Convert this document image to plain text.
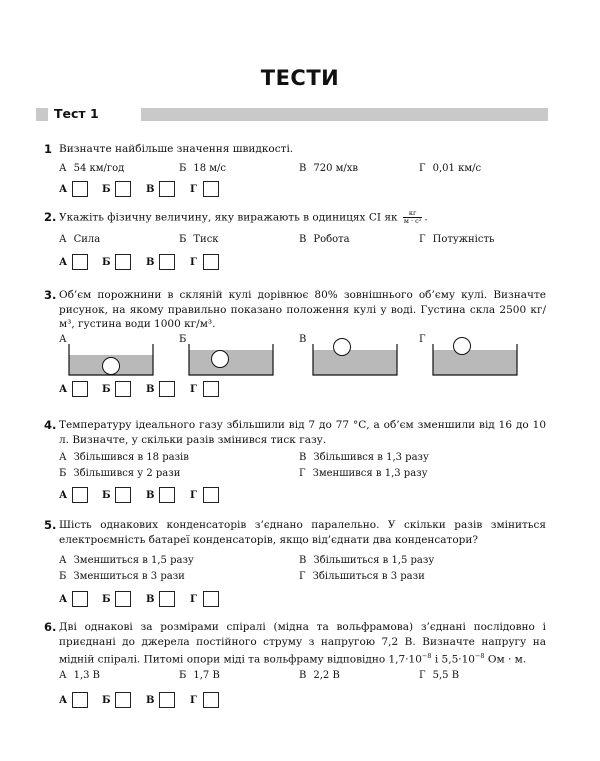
ТЕСТИ
Тест 1
1 Визначте найбільше значення швидкості.
А 54 км/год	Б 18 м/с	В 720 м/хв	Г 0,01 км/с
А	Б	В	Г
2. Укажіть фізичну величину, яку виражають в одиницях СІ як $\frac{кг}{\text{м · с²}}$ .
А Сила	Б Тиск	В Робота	Г Потужність
А	Б	В	Г
3. Об’єм порожнини в скляній кулі дорівнює 80% зовнішнього об’єму кулі. Визначте рисунок, на якому правильно показано положення кулі у воді. Густина скла 2500 кг/м³, густина води 1000 кг/м³.
А	Б	В	Г
А	Б	В	Г
4. Температуру ідеального газу збільшили від 7 до 77 °С, а об’єм зменшили від 16 до 10 л. Визначте, у скільки разів змінився тиск газу.
А Збільшився в 18 разів	В Збільшився в 1,3 разу
Б Збільшився у 2 рази	Г Зменшився в 1,3 разу
А	Б	В	Г
5. Шість однакових конденсаторів з’єднано паралельно. У скільки разів зміниться електроємність батареї конденсаторів, якщо від’єднати два конденсатори?
А Зменшиться в 1,5 разу	В Збільшиться в 1,5 разу
Б Зменшиться в 3 рази	Г Збільшиться в 3 рази
А	Б	В	Г
6. Дві однакові за розмірами спіралі (мідна та вольфрамова) з’єднані послідовно і приєднані до джерела постійного струму з напругою 7,2 В. Визначте напругу на мідній спіралі. Питомі опори міді та вольфраму відповідно $1,7\cdot 10^{-8}$ і $5,5\cdot 10^{-8}$ Ом · м.
А 1,3 В	Б 1,7 В	В 2,2 В	Г 5,5 В
А	Б	В	Г
